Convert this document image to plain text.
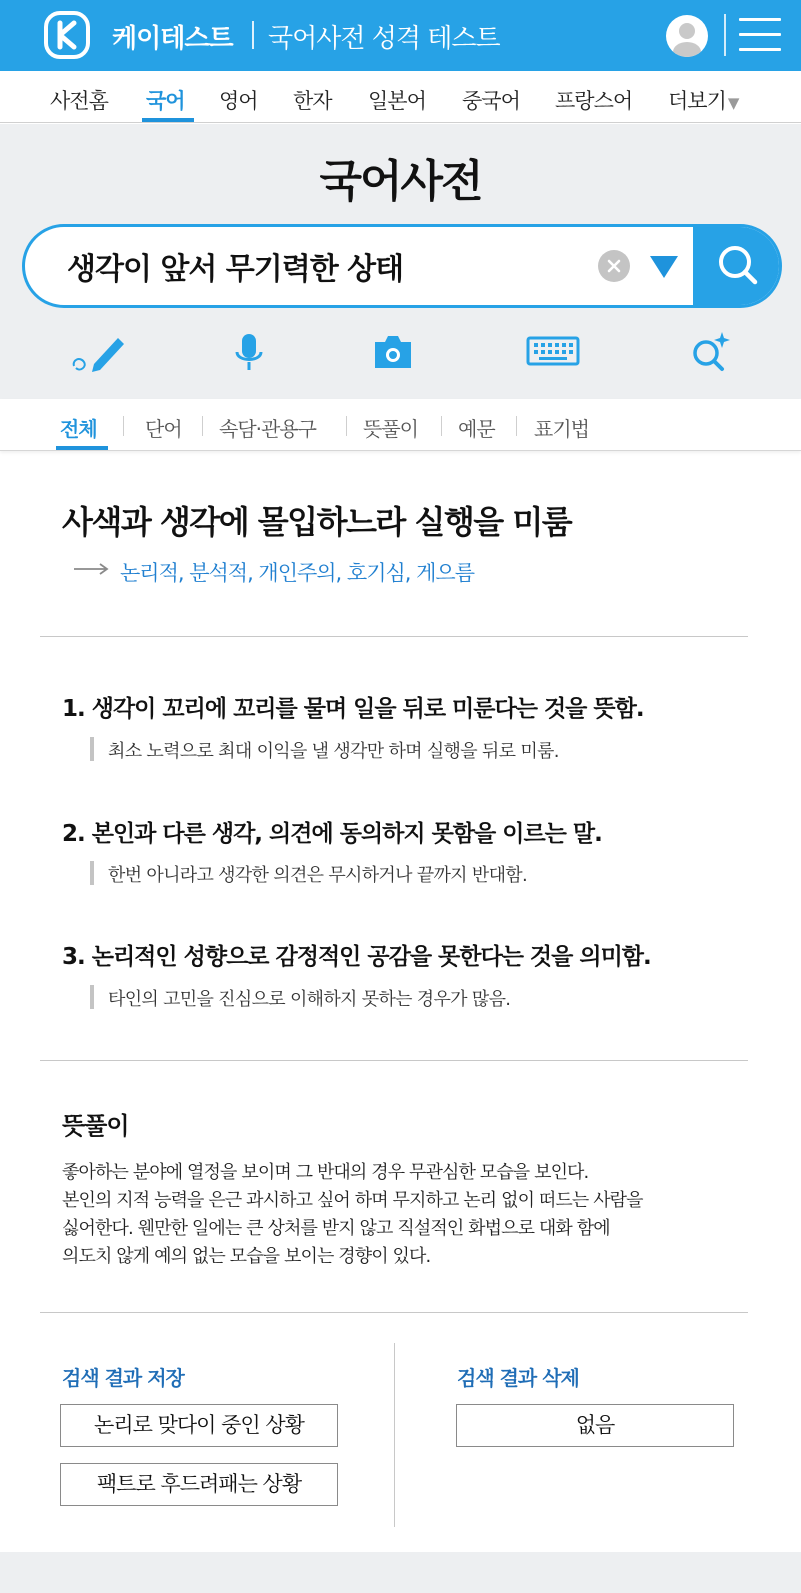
케이테스트 국어사전 성격 테스트
사전홈 국어 영어 한자 일본어 중국어 프랑스어 더보기 ▼
국어사전
생각이 앞서 무기력한 상태
전체 단어 속담·관용구 뜻풀이 예문 표기법
사색과 생각에 몰입하느라 실행을 미룸
논리적, 분석적, 개인주의, 호기심, 게으름
1. 생각이 꼬리에 꼬리를 물며 일을 뒤로 미룬다는 것을 뜻함.
최소 노력으로 최대 이익을 낼 생각만 하며 실행을 뒤로 미룸.
2. 본인과 다른 생각, 의견에 동의하지 못함을 이르는 말.
한번 아니라고 생각한 의견은 무시하거나 끝까지 반대함.
3. 논리적인 성향으로 감정적인 공감을 못한다는 것을 의미함.
타인의 고민을 진심으로 이해하지 못하는 경우가 많음.
뜻풀이
좋아하는 분야에 열정을 보이며 그 반대의 경우 무관심한 모습을 보인다.
본인의 지적 능력을 은근 과시하고 싶어 하며 무지하고 논리 없이 떠드는 사람을
싫어한다. 웬만한 일에는 큰 상처를 받지 않고 직설적인 화법으로 대화 함에
의도치 않게 예의 없는 모습을 보이는 경향이 있다.
검색 결과 저장	검색 결과 삭제
논리로 맞다이 중인 상황
팩트로 후드려패는 상황
없음
